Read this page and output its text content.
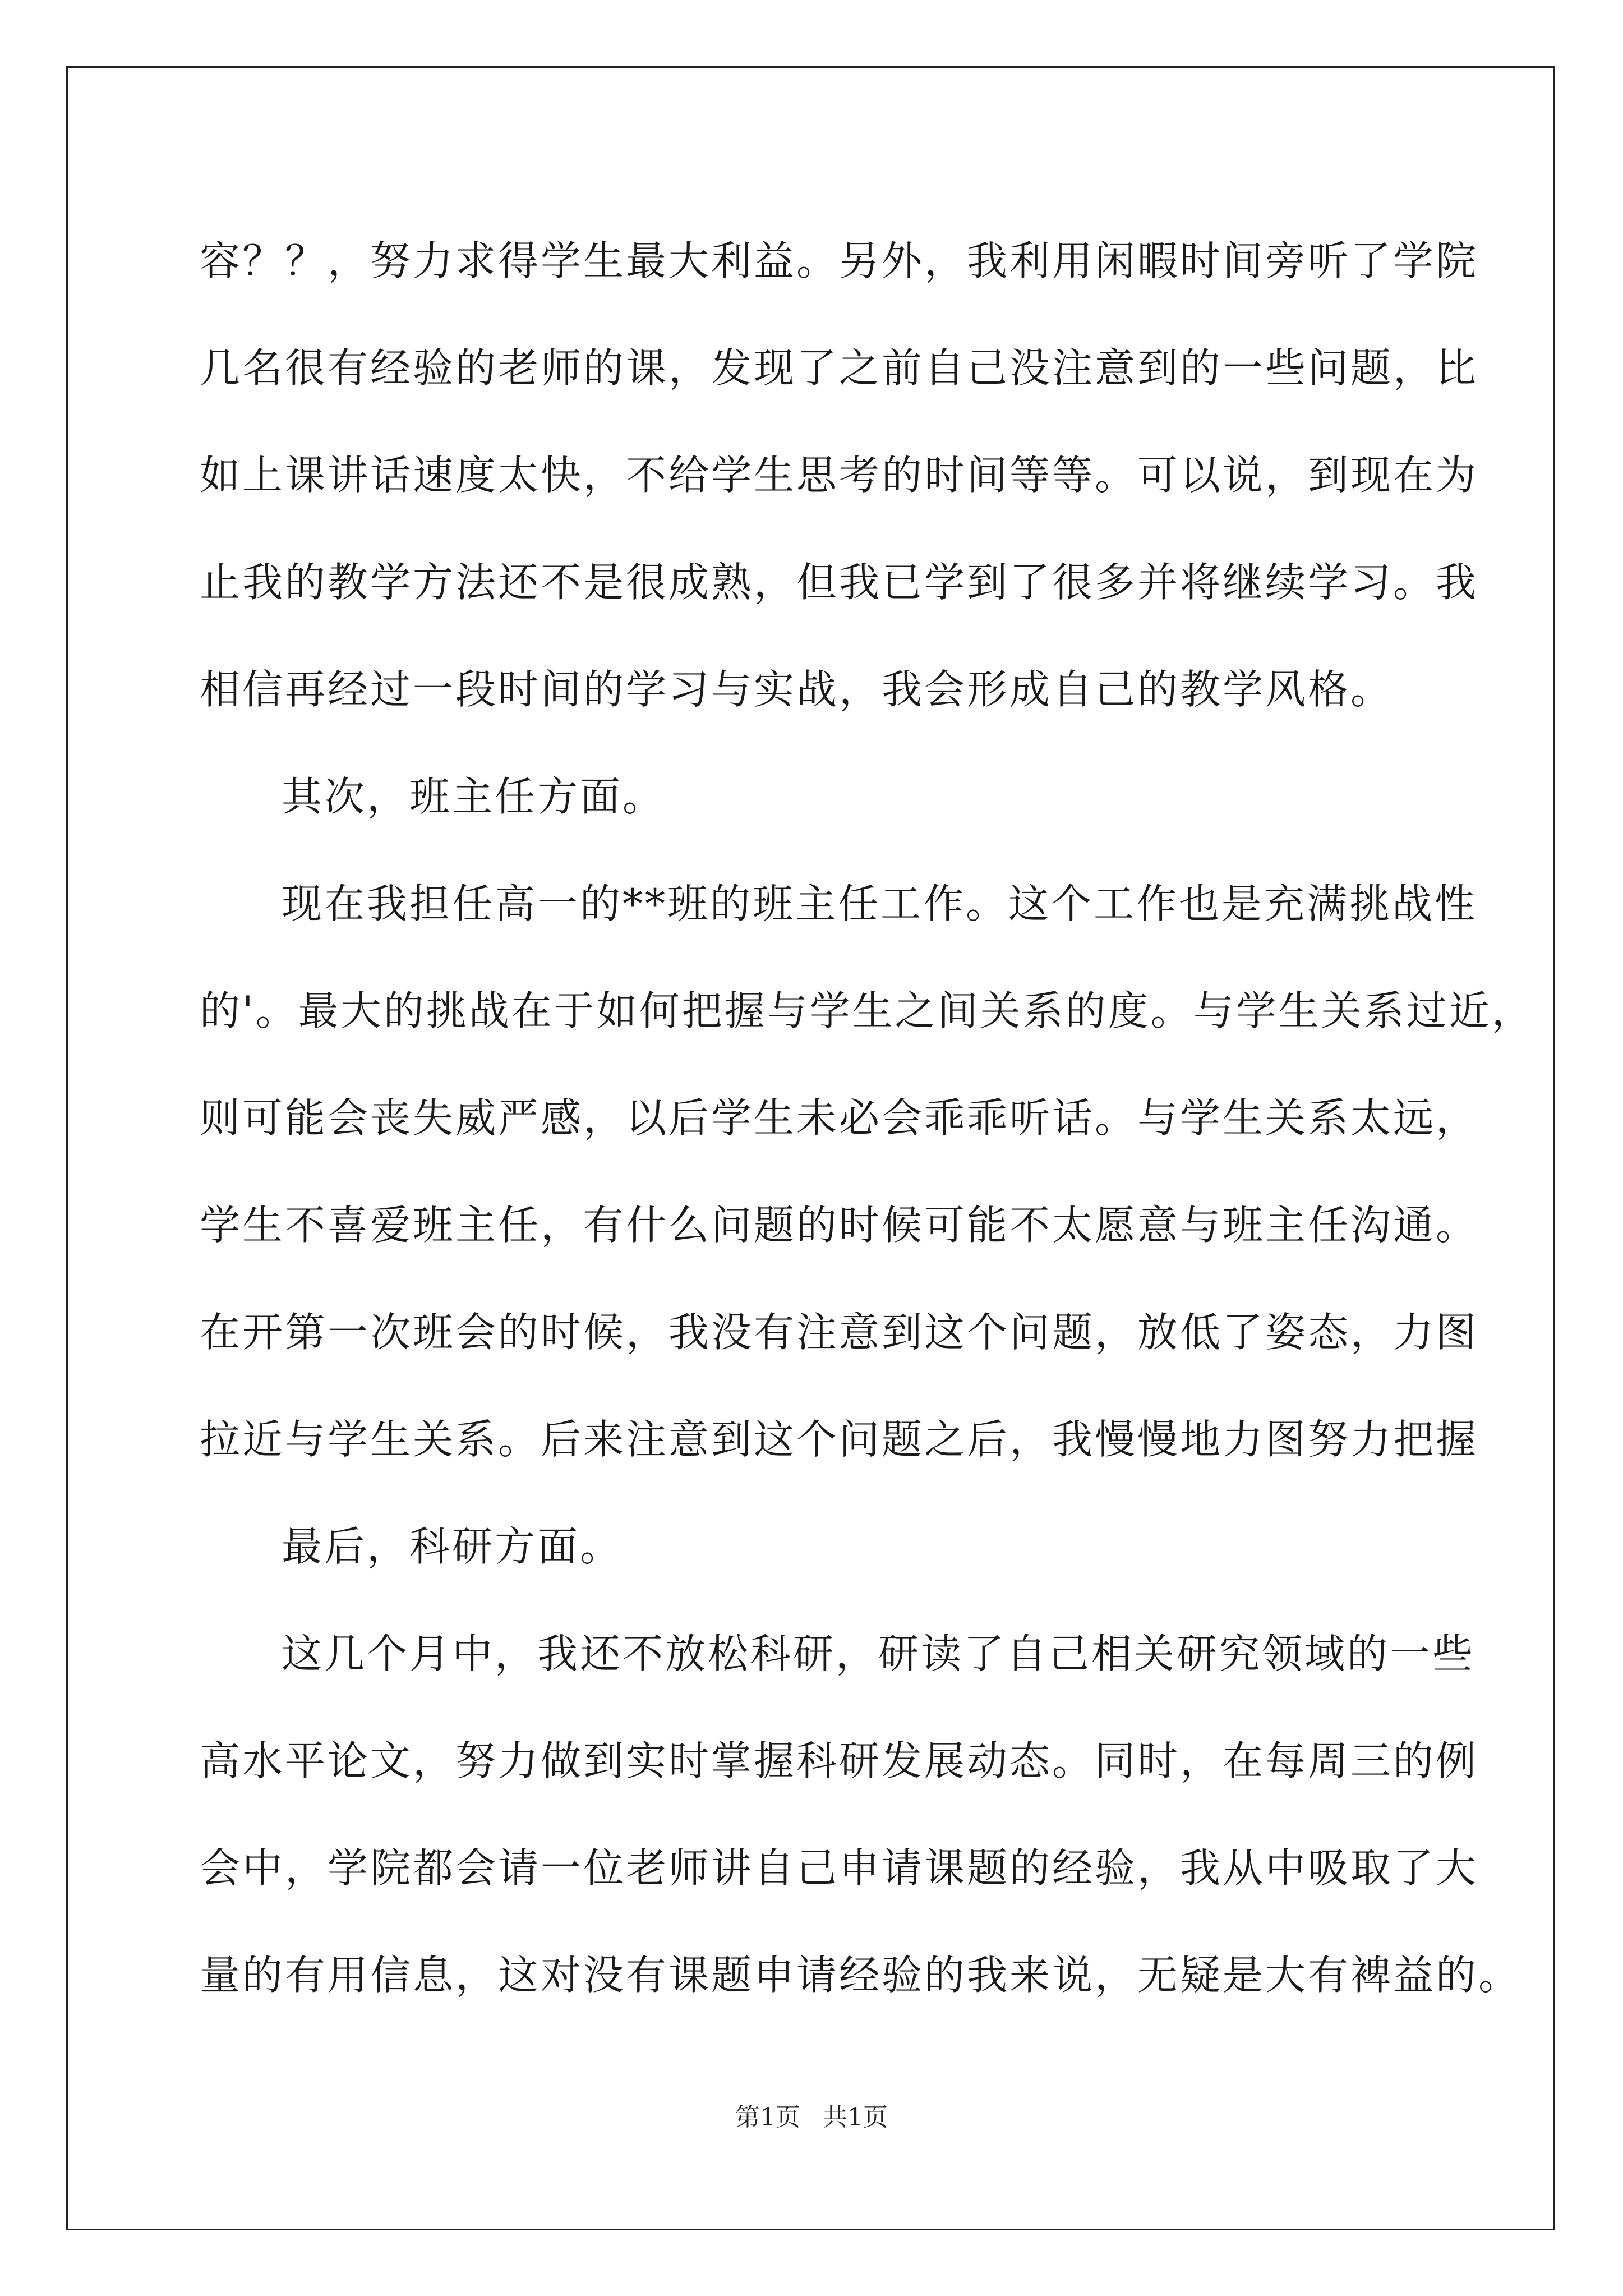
容？？，努力求得学生最大利益。另外，我利用闲暇时间旁听了学院
几名很有经验的老师的课，发现了之前自己没注意到的一些问题，比
如上课讲话速度太快，不给学生思考的时间等等。可以说，到现在为
止我的教学方法还不是很成熟，但我已学到了很多并将继续学习。我
相信再经过一段时间的学习与实战，我会形成自己的教学风格。
其次，班主任方面。
现在我担任高一的**班的班主任工作。这个工作也是充满挑战性
的'。最大的挑战在于如何把握与学生之间关系的度。与学生关系过近，
则可能会丧失威严感，以后学生未必会乖乖听话。与学生关系太远，
学生不喜爱班主任，有什么问题的时候可能不太愿意与班主任沟通。
在开第一次班会的时候，我没有注意到这个问题，放低了姿态，力图
拉近与学生关系。后来注意到这个问题之后，我慢慢地力图努力把握
最后，科研方面。
这几个月中，我还不放松科研，研读了自己相关研究领域的一些
高水平论文，努力做到实时掌握科研发展动态。同时，在每周三的例
会中，学院都会请一位老师讲自己申请课题的经验，我从中吸取了大
量的有用信息，这对没有课题申请经验的我来说，无疑是大有裨益的。
第1页 共1页
